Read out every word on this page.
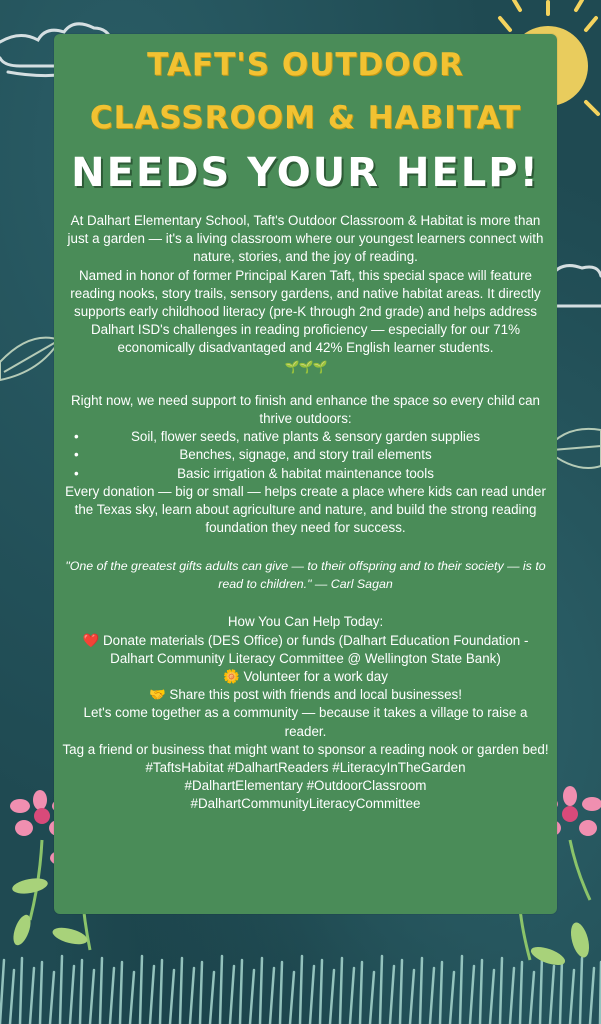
TAFT'S OUTDOOR
CLASSROOM & HABITAT
NEEDS YOUR HELP!

At Dalhart Elementary School, Taft's Outdoor Classroom & Habitat is more than just a garden — it's a living classroom where our youngest learners connect with nature, stories, and the joy of reading.

Named in honor of former Principal Karen Taft, this special space will feature reading nooks, story trails, sensory gardens, and native habitat areas. It directly supports early childhood literacy (pre-K through 2nd grade) and helps address Dalhart ISD's challenges in reading proficiency — especially for our 71% economically disadvantaged and 42% English learner students.

🌱🌱🌱

Right now, we need support to finish and enhance the space so every child can thrive outdoors:

• Soil, flower seeds, native plants & sensory garden supplies
• Benches, signage, and story trail elements
• Basic irrigation & habitat maintenance tools

Every donation — big or small — helps create a place where kids can read under the Texas sky, learn about agriculture and nature, and build the strong reading foundation they need for success.

"One of the greatest gifts adults can give — to their offspring and to their society — is to read to children." — Carl Sagan

How You Can Help Today:

❤️ Donate materials (DES Office) or funds (Dalhart Education Foundation - Dalhart Community Literacy Committee @ Wellington State Bank)

🌼 Volunteer for a work day

🤝 Share this post with friends and local businesses!

Let's come together as a community — because it takes a village to raise a reader.

Tag a friend or business that might want to sponsor a reading nook or garden bed!

#TaftsHabitat #DalhartReaders #LiteracyInTheGarden

#DalhartElementary #OutdoorClassroom

#DalhartCommunityLiteracyCommittee
